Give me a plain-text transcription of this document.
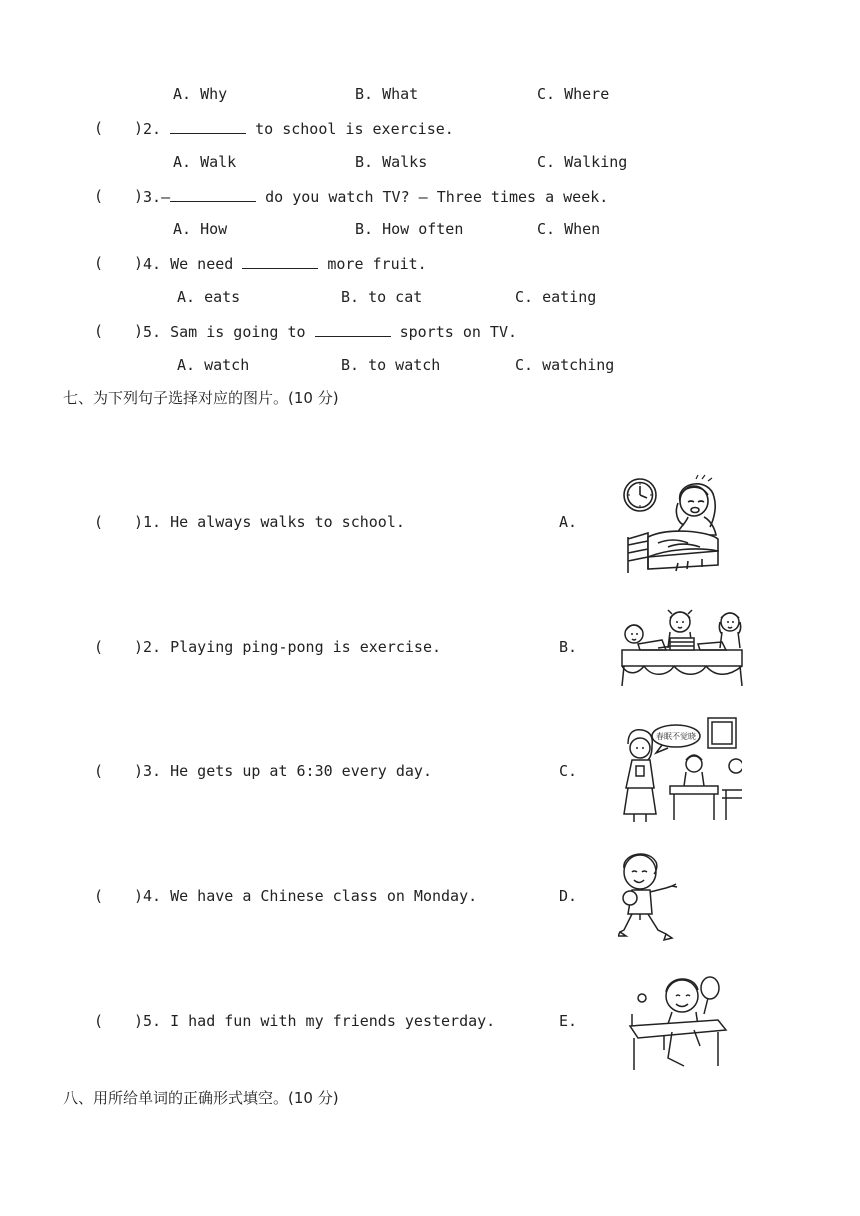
A. Why	B. What	C. Where
( ) 2.	to school is exercise.
A. Walk	B. Walks	C. Walking
( ) 3.—	do you watch TV? — Three times a week.
A. How	B. How often	C. When
( ) 4. We need	more fruit.
A. eats	B. to cat	C. eating
( ) 5. Sam is going to	sports on TV.
A. watch	B. to watch	C. watching
七、为下列句子选择对应的图片。(10 分)
( ) 1. He always walks to school.	A.
( ) 2. Playing ping-pong is exercise.	B.
( ) 3. He gets up at 6:30 every day.	C.
( ) 4. We have a Chinese class on Monday.	D.
( ) 5. I had fun with my friends yesterday.	E.
春眠不觉晓
八、用所给单词的正确形式填空。(10 分)
